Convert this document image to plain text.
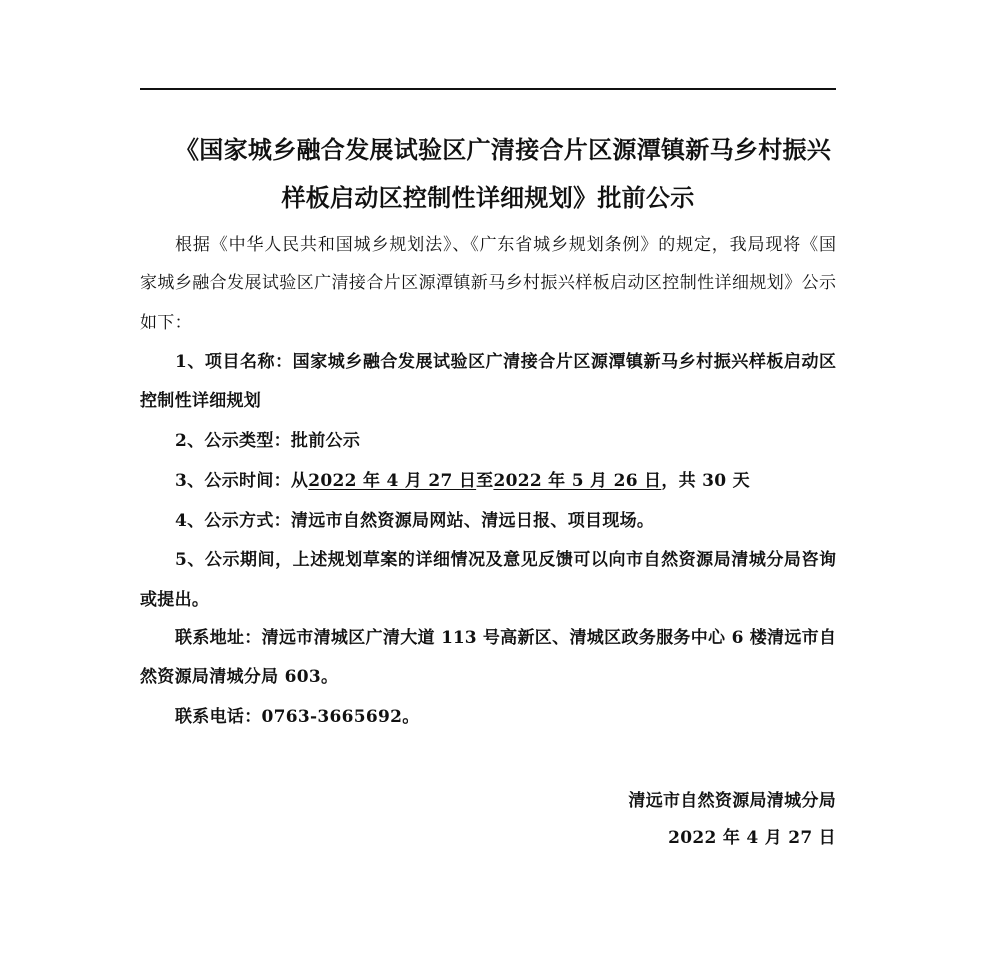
《国家城乡融合发展试验区广清接合片区源潭镇新马乡村振兴
样板启动区控制性详细规划》批前公示
根据《中华人民共和国城乡规划法》、《广东省城乡规划条例》的规定，我局现将《国
家城乡融合发展试验区广清接合片区源潭镇新马乡村振兴样板启动区控制性详细规划》公示
如下：
1、项目名称：国家城乡融合发展试验区广清接合片区源潭镇新马乡村振兴样板启动区
控制性详细规划
2、公示类型：批前公示
3、公示时间：从2022 年 4 月 27 日至2022 年 5 月 26 日，共 30 天
4、公示方式：清远市自然资源局网站、清远日报、项目现场。
5、公示期间，上述规划草案的详细情况及意见反馈可以向市自然资源局清城分局咨询
或提出。
联系地址：清远市清城区广清大道 113 号高新区、清城区政务服务中心 6 楼清远市自
然资源局清城分局 603。
联系电话：0763-3665692。
清远市自然资源局清城分局
2022 年 4 月 27 日
